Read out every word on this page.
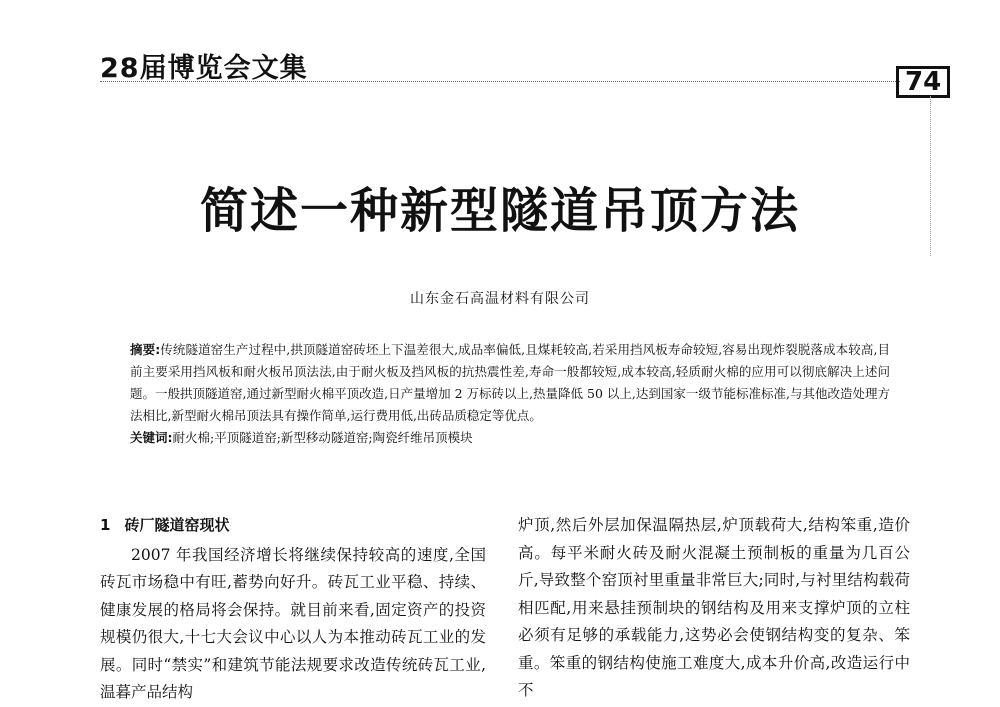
28届博览会文集	74
简述一种新型隧道吊顶方法
山东金石高温材料有限公司

摘要:传统隧道窑生产过程中,拱顶隧道窑砖坯上下温差很大,成品率偏低,且煤耗较高,若采用挡风板寿命较短,容易出现炸裂脱落成本较高,目前主要采用挡风板和耐火板吊顶法法,由于耐火板及挡风板的抗热震性差,寿命一般都较短,成本较高,轻质耐火棉的应用可以彻底解决上述问题。一般拱顶隧道窑,通过新型耐火棉平顶改造,日产量增加 2 万标砖以上,热量降低 50 以上,达到国家一级节能标准标准,与其他改造处理方法相比,新型耐火棉吊顶法具有操作简单,运行费用低,出砖品质稳定等优点。

关键词:耐火棉;平顶隧道窑;新型移动隧道窑;陶瓷纤维吊顶模块

1 砖厂隧道窑现状

2007 年我国经济增长将继续保持较高的速度,全国砖瓦市场稳中有旺,蓄势向好升。砖瓦工业平稳、持续、健康发展的格局将会保持。就目前来看,固定资产的投资规模仍很大,十七大会议中心以人为本推动砖瓦工业的发展。同时“禁实”和建筑节能法规要求改造传统砖瓦工业,温暮产品结构

炉顶,然后外层加保温隔热层,炉顶载荷大,结构笨重,造价高。每平米耐火砖及耐火混凝土预制板的重量为几百公斤,导致整个窑顶衬里重量非常巨大;同时,与衬里结构载荷相匹配,用来悬挂预制块的钢结构及用来支撑炉顶的立柱必须有足够的承载能力,这势必会使钢结构变的复杂、笨重。笨重的钢结构使施工难度大,成本升价高,改造运行中不
